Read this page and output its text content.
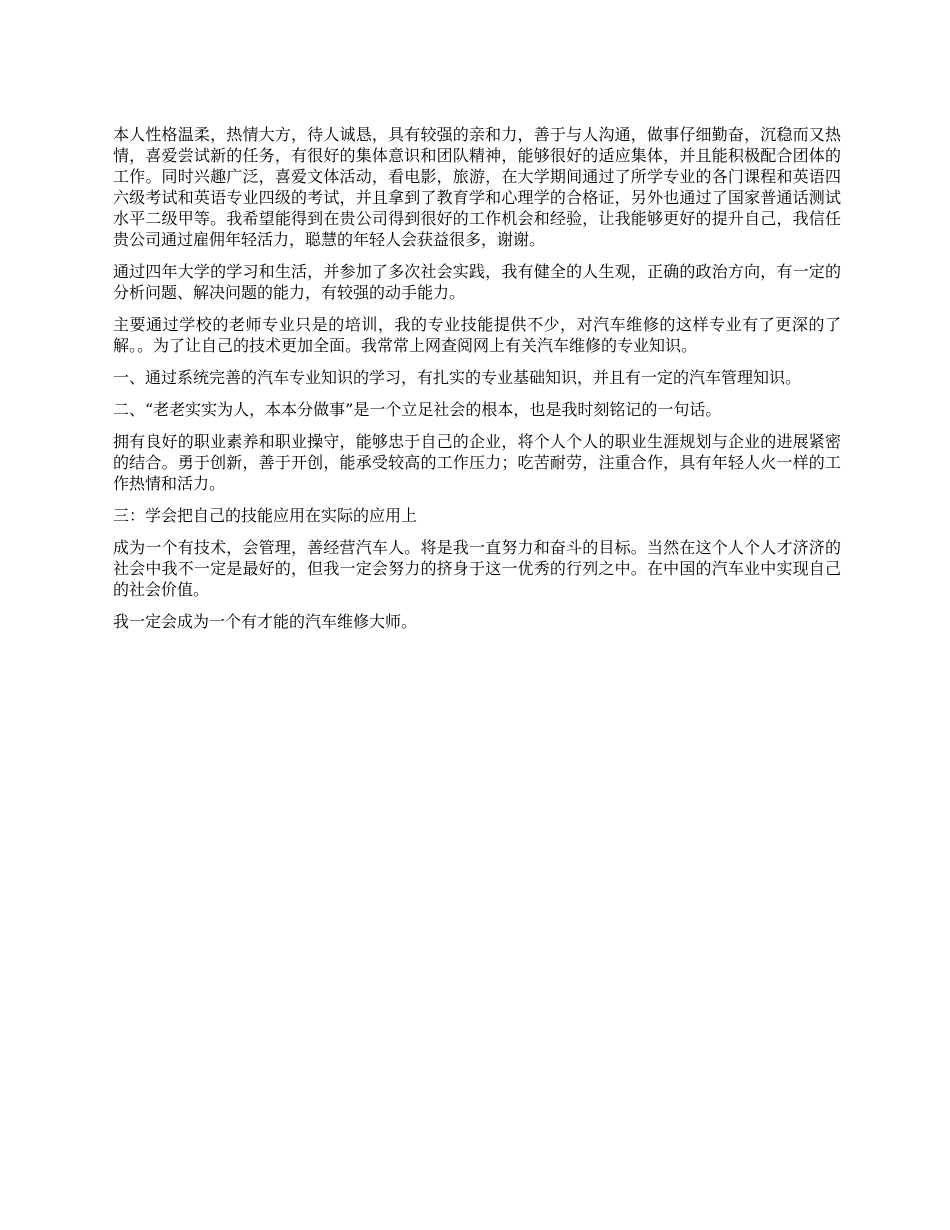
本人性格温柔，热情大方，待人诚恳，具有较强的亲和力，善于与人沟通，做事仔细勤奋，沉稳而又热情，喜爱尝试新的任务，有很好的集体意识和团队精神，能够很好的适应集体，并且能积极配合团体的工作。同时兴趣广泛，喜爱文体活动，看电影，旅游，在大学期间通过了所学专业的各门课程和英语四六级考试和英语专业四级的考试，并且拿到了教育学和心理学的合格证，另外也通过了国家普通话测试水平二级甲等。我希望能得到在贵公司得到很好的工作机会和经验，让我能够更好的提升自己，我信任贵公司通过雇佣年轻活力，聪慧的年轻人会获益很多，谢谢。

通过四年大学的学习和生活，并参加了多次社会实践，我有健全的人生观，正确的政治方向，有一定的分析问题、解决问题的能力，有较强的动手能力。

主要通过学校的老师专业只是的培训，我的专业技能提供不少，对汽车维修的这样专业有了更深的了解。。为了让自己的技术更加全面。我常常上网查阅网上有关汽车维修的专业知识。

一、通过系统完善的汽车专业知识的学习，有扎实的专业基础知识，并且有一定的汽车管理知识。

二、“老老实实为人，本本分做事”是一个立足社会的根本，也是我时刻铭记的一句话。

拥有良好的职业素养和职业操守，能够忠于自己的企业，将个人个人的职业生涯规划与企业的进展紧密的结合。勇于创新，善于开创，能承受较高的工作压力；吃苦耐劳，注重合作，具有年轻人火一样的工作热情和活力。

三：学会把自己的技能应用在实际的应用上

成为一个有技术，会管理，善经营汽车人。将是我一直努力和奋斗的目标。当然在这个人个人才济济的社会中我不一定是最好的，但我一定会努力的挤身于这一优秀的行列之中。在中国的汽车业中实现自己的社会价值。

我一定会成为一个有才能的汽车维修大师。
